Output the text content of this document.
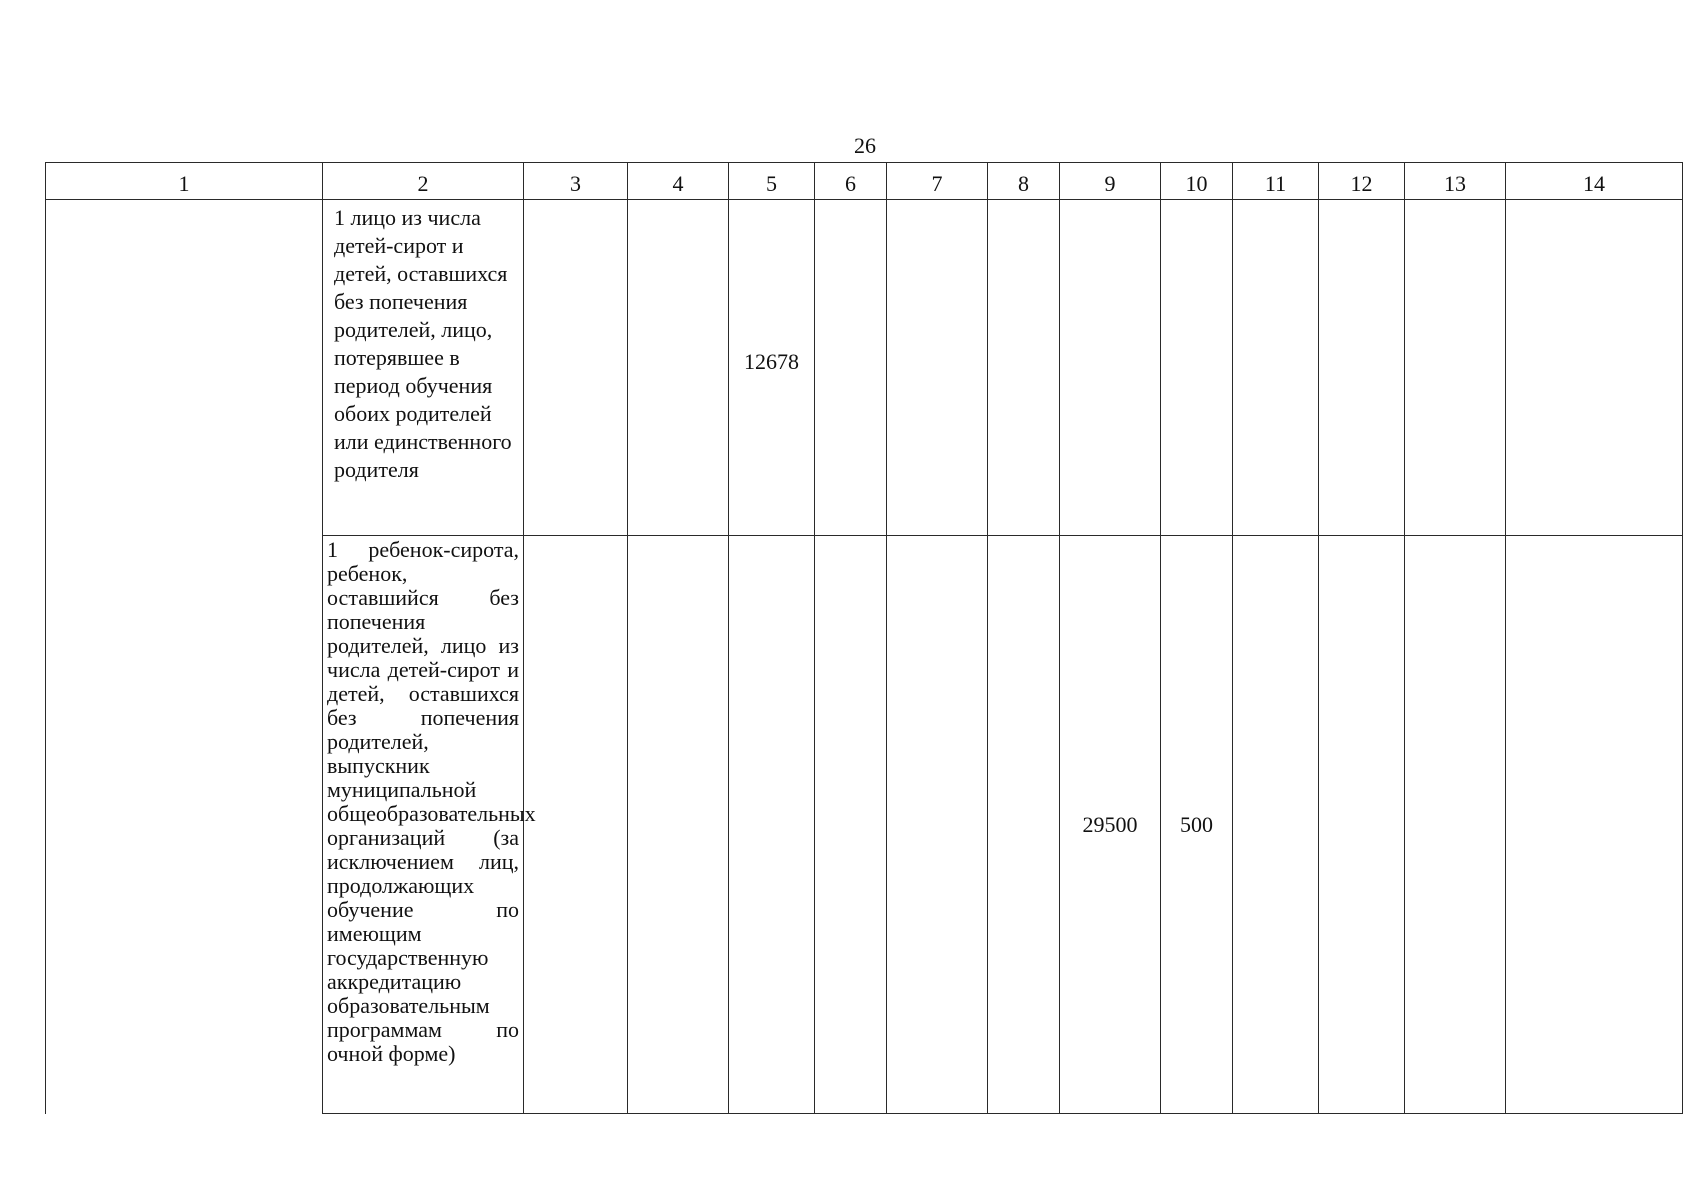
26
1	2	3	4	5	6	7	8	9	10	11	12	13	14

	1 лицо из числа детей-сирот и детей, оставшихся без попечения родителей, лицо, потерявшее в период обучения обоих родителей или единственного родителя			12678									

	1 ребенок-сирота, ребенок, оставшийся без попечения родителей, лицо из числа детей-сирот и детей, оставшихся без попечения родителей, выпускник муниципальной общеобразовательных организаций (за исключением лиц, продолжающих обучение по имеющим государственную аккредитацию образовательным программам по очной форме)							29500	500				
